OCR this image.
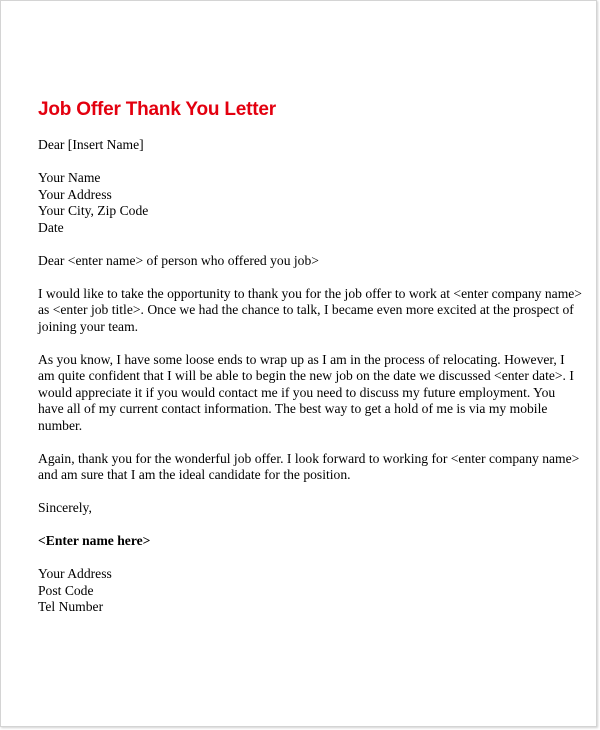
Job Offer Thank You Letter

Dear [Insert Name]

Your Name
Your Address
Your City, Zip Code
Date

Dear <enter name> of person who offered you job>

I would like to take the opportunity to thank you for the job offer to work at <enter company name>
as <enter job title>. Once we had the chance to talk, I became even more excited at the prospect of
joining your team.

As you know, I have some loose ends to wrap up as I am in the process of relocating. However, I
am quite confident that I will be able to begin the new job on the date we discussed <enter date>. I
would appreciate it if you would contact me if you need to discuss my future employment. You
have all of my current contact information. The best way to get a hold of me is via my mobile
number.

Again, thank you for the wonderful job offer. I look forward to working for <enter company name>
and am sure that I am the ideal candidate for the position.

Sincerely,

<Enter name here>

Your Address
Post Code
Tel Number
